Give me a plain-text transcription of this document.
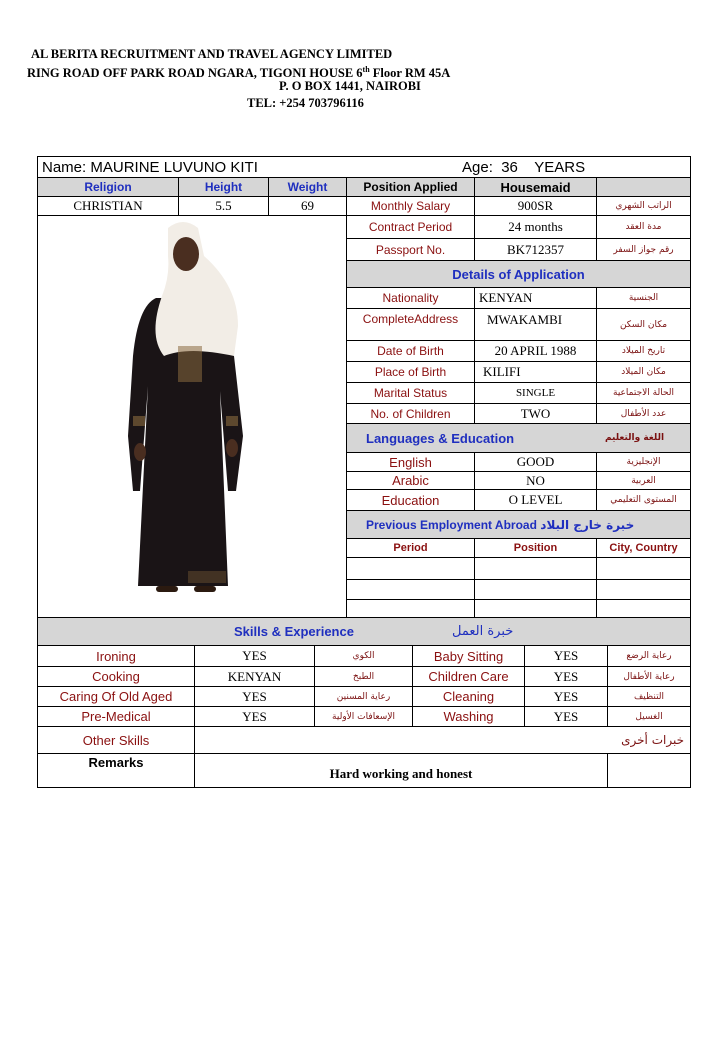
AL BERITA RECRUITMENT AND TRAVEL AGENCY LIMITED
RING ROAD OFF PARK ROAD NGARA, TIGONI HOUSE 6th Floor RM 45A
P. O BOX 1441, NAIROBI
TEL: +254 703796116
Name:
MAURINE LUVUNO KITI	Age: 36 YEARS
Religion	Height	Weight	Position Applied	Housemaid
CHRISTIAN	5.5	69	Monthly Salary	900SR	الراتب الشهري
Contract Period	24 months	مدة العقد
Passport No.	BK712357	رقم جواز السفر
Details of Application
Nationality	KENYAN	الجنسية
CompleteAddress	MWAKAMBI	مكان السكن
Date of Birth	20 APRIL 1988	تاريخ الميلاد
Place of Birth	KILIFI	مكان الميلاد
Marital Status	SINGLE	الحالة الاجتماعية
No. of Children	TWO	عدد الأطفال
Languages & Education	اللغة والتعليم
English	GOOD	الإنجليزية
Arabic	NO	العربية
Education	O LEVEL	المستوى التعليمي
Previous Employment Abroad
خبرة خارج البلاد
Period	Position	City, Country
Skills & Experience	خبرة العمل
Ironing	YES	الكوي	Baby Sitting	YES	رعاية الرضع
Cooking	KENYAN	الطبخ	Children Care	YES	رعاية الأطفال
Caring Of Old Aged	YES	رعاية المسنين	Cleaning	YES	التنظيف
Pre-Medical	YES	الإسعافات الأولية	Washing	YES	الغسيل
Other Skills	خبرات أخرى
Remarks
Hard working and honest
